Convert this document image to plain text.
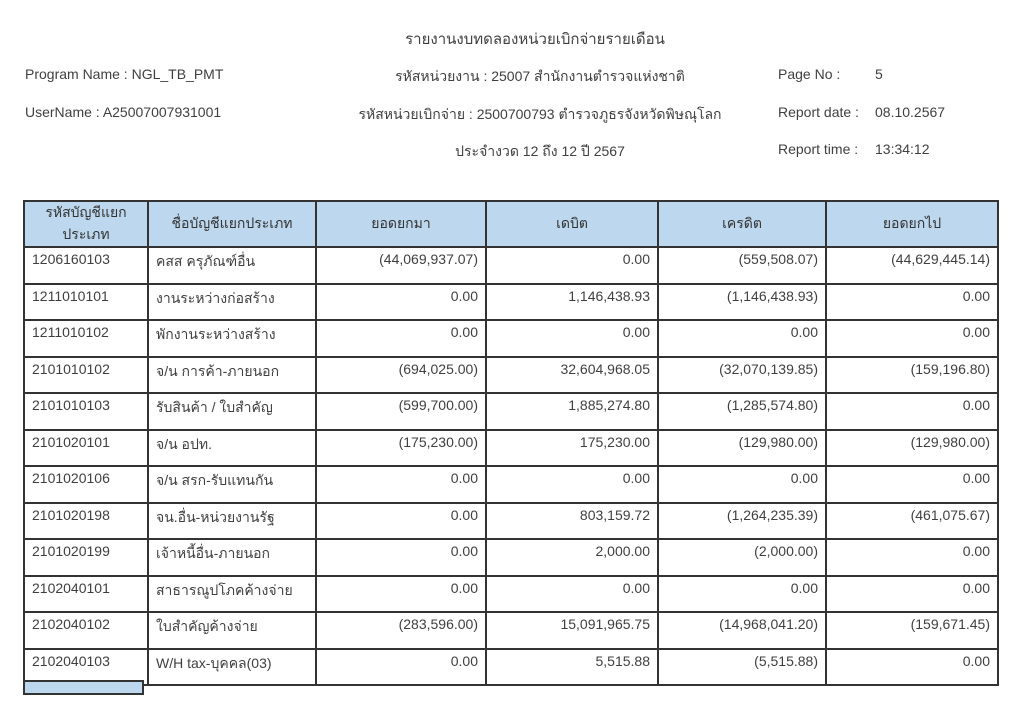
รายงานงบทดลองหน่วยเบิกจ่ายรายเดือน
Program Name : NGL_TB_PMT
UserName : A25007007931001
รหัสหน่วยงาน : 25007 สำนักงานตำรวจแห่งชาติ
รหัสหน่วยเบิกจ่าย : 2500700793 ตำรวจภูธรจังหวัดพิษณุโลก
ประจำงวด 12 ถึง 12 ปี 2567
Page No : 5
Report date : 08.10.2567
Report time : 13:34:12
รหัสบัญชีแยกประเภท	ชื่อบัญชีแยกประเภท	ยอดยกมา	เดบิต	เครดิต	ยอดยกไป
1206160103	คสส ครุภัณฑ์อื่น	(44,069,937.07)	0.00	(559,508.07)	(44,629,445.14)
1211010101	งานระหว่างก่อสร้าง	0.00	1,146,438.93	(1,146,438.93)	0.00
1211010102	พักงานระหว่างสร้าง	0.00	0.00	0.00	0.00
2101010102	จ/น การค้า-ภายนอก	(694,025.00)	32,604,968.05	(32,070,139.85)	(159,196.80)
2101010103	รับสินค้า / ใบสำคัญ	(599,700.00)	1,885,274.80	(1,285,574.80)	0.00
2101020101	จ/น อปท.	(175,230.00)	175,230.00	(129,980.00)	(129,980.00)
2101020106	จ/น สรก-รับแทนกัน	0.00	0.00	0.00	0.00
2101020198	จน.อื่น-หน่วยงานรัฐ	0.00	803,159.72	(1,264,235.39)	(461,075.67)
2101020199	เจ้าหนี้อื่น-ภายนอก	0.00	2,000.00	(2,000.00)	0.00
2102040101	สาธารณูปโภคค้างจ่าย	0.00	0.00	0.00	0.00
2102040102	ใบสำคัญค้างจ่าย	(283,596.00)	15,091,965.75	(14,968,041.20)	(159,671.45)
2102040103	W/H tax-บุคคล(03)	0.00	5,515.88	(5,515.88)	0.00
